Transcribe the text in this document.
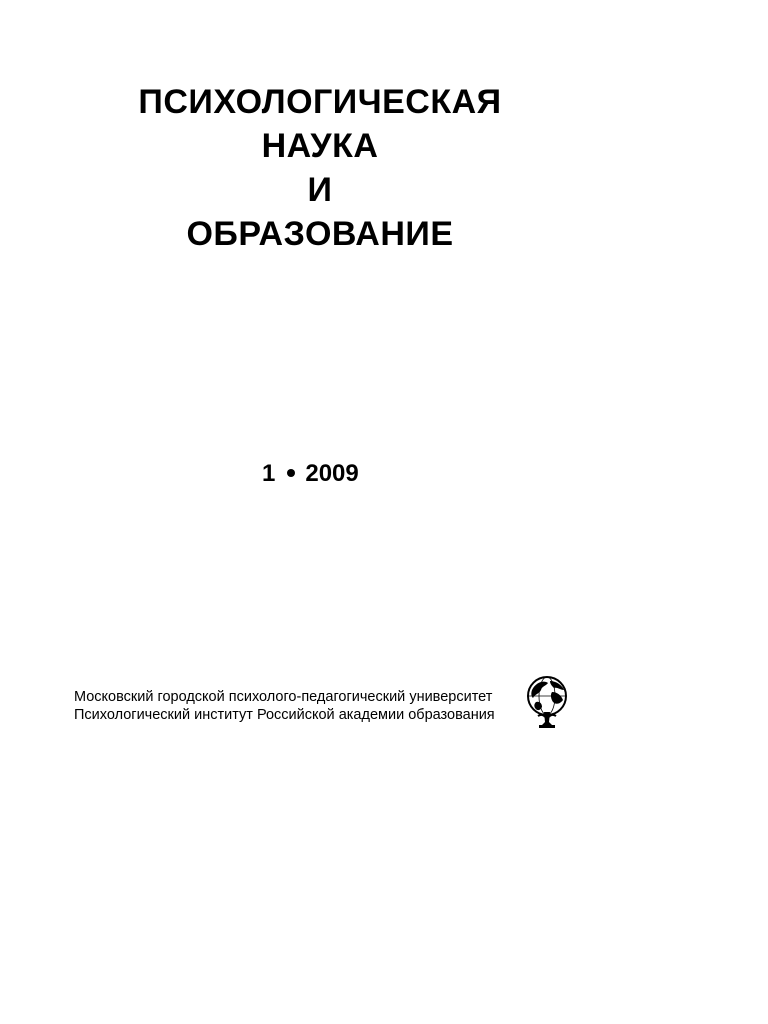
ПСИХОЛОГИЧЕСКАЯ
НАУКА
И
ОБРАЗОВАНИЕ
1 2009
Московский городской психолого-педагогический университет
Психологический институт Российской академии образования
